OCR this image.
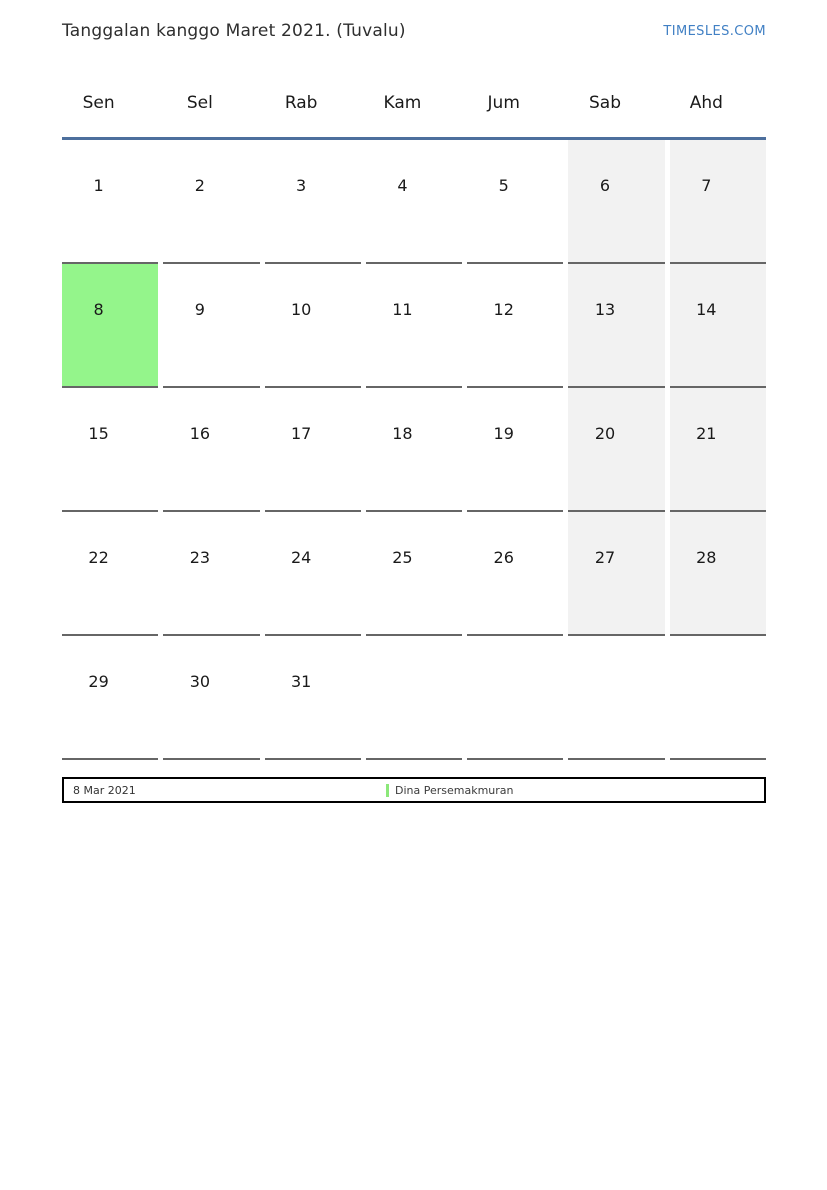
Tanggalan kanggo Maret 2021. (Tuvalu)	TIMESLES.COM
Sen	Sel	Rab	Kam	Jum	Sab	Ahd
1	2	3	4	5	6	7
8	9	10	11	12	13	14
15	16	17	18	19	20	21
22	23	24	25	26	27	28
29	30	31
8 Mar 2021	Dina Persemakmuran
